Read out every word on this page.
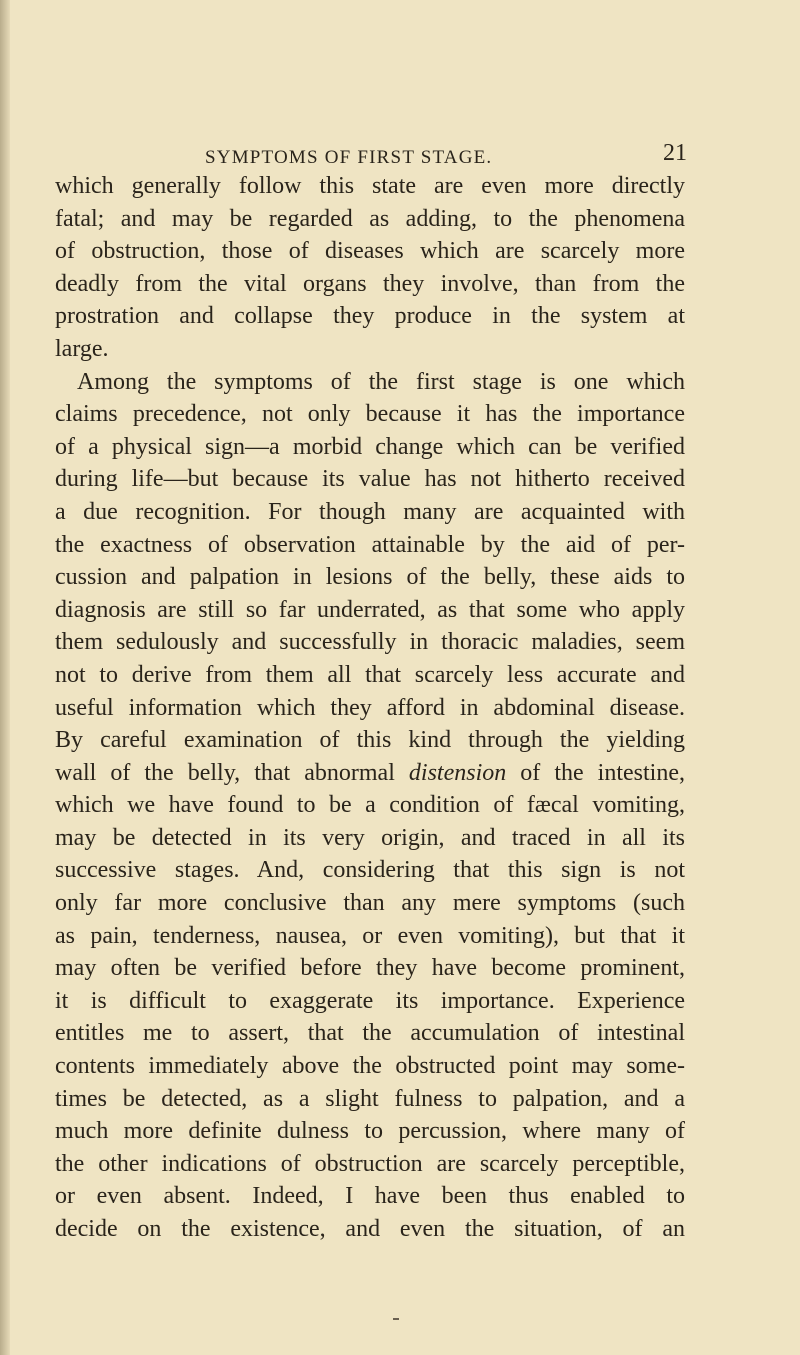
SYMPTOMS OF FIRST STAGE.	21
which generally follow this state are even more directly
fatal; and may be regarded as adding, to the phenomena
of obstruction, those of diseases which are scarcely more
deadly from the vital organs they involve, than from the
prostration and collapse they produce in the system at
large.
Among the symptoms of the first stage is one which
claims precedence, not only because it has the importance
of a physical sign—a morbid change which can be verified
during life—but because its value has not hitherto received
a due recognition. For though many are acquainted with
the exactness of observation attainable by the aid of per-
cussion and palpation in lesions of the belly, these aids to
diagnosis are still so far underrated, as that some who apply
them sedulously and successfully in thoracic maladies, seem
not to derive from them all that scarcely less accurate and
useful information which they afford in abdominal disease.
By careful examination of this kind through the yielding
wall of the belly, that abnormal distension of the intestine,
which we have found to be a condition of fæcal vomiting,
may be detected in its very origin, and traced in all its
successive stages. And, considering that this sign is not
only far more conclusive than any mere symptoms (such
as pain, tenderness, nausea, or even vomiting), but that it
may often be verified before they have become prominent,
it is difficult to exaggerate its importance. Experience
entitles me to assert, that the accumulation of intestinal
contents immediately above the obstructed point may some-
times be detected, as a slight fulness to palpation, and a
much more definite dulness to percussion, where many of
the other indications of obstruction are scarcely perceptible,
or even absent. Indeed, I have been thus enabled to
decide on the existence, and even the situation, of an
